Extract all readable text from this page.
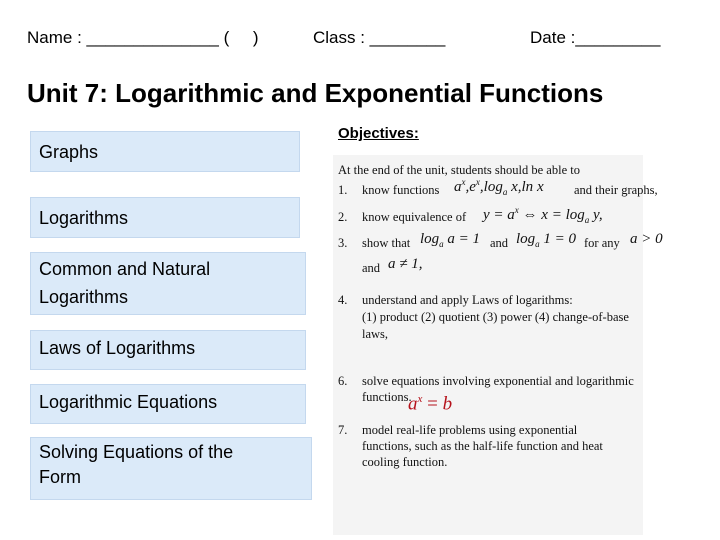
Name : ______________ (     )	Class : ________	Date :_________
Unit 7: Logarithmic and Exponential Functions
Graphs
Logarithms
Common and Natural
Logarithms
Laws of Logarithms
Logarithmic Equations
Solving Equations of the
Form
Objectives:
At the end of the unit, students should be able to
1. know functions $a^x,e^x,\log_a$ x,ln x and their graphs,
2. know equivalence of $y = a^x$ ⇔ $x = \log_a y$,
3. show that $\log_a a = 1$ and $\log_a 1 = 0$ for any a > 0
and a ≠ 1,
4. understand and apply Laws of logarithms:
(1) product (2) quotient (3) power (4) change-of-base
laws,
6. solve equations involving exponential and logarithmic
functions.
7. model real-life problems using exponential
functions, such as the half-life function and heat
cooling function.
$a^x = b$
